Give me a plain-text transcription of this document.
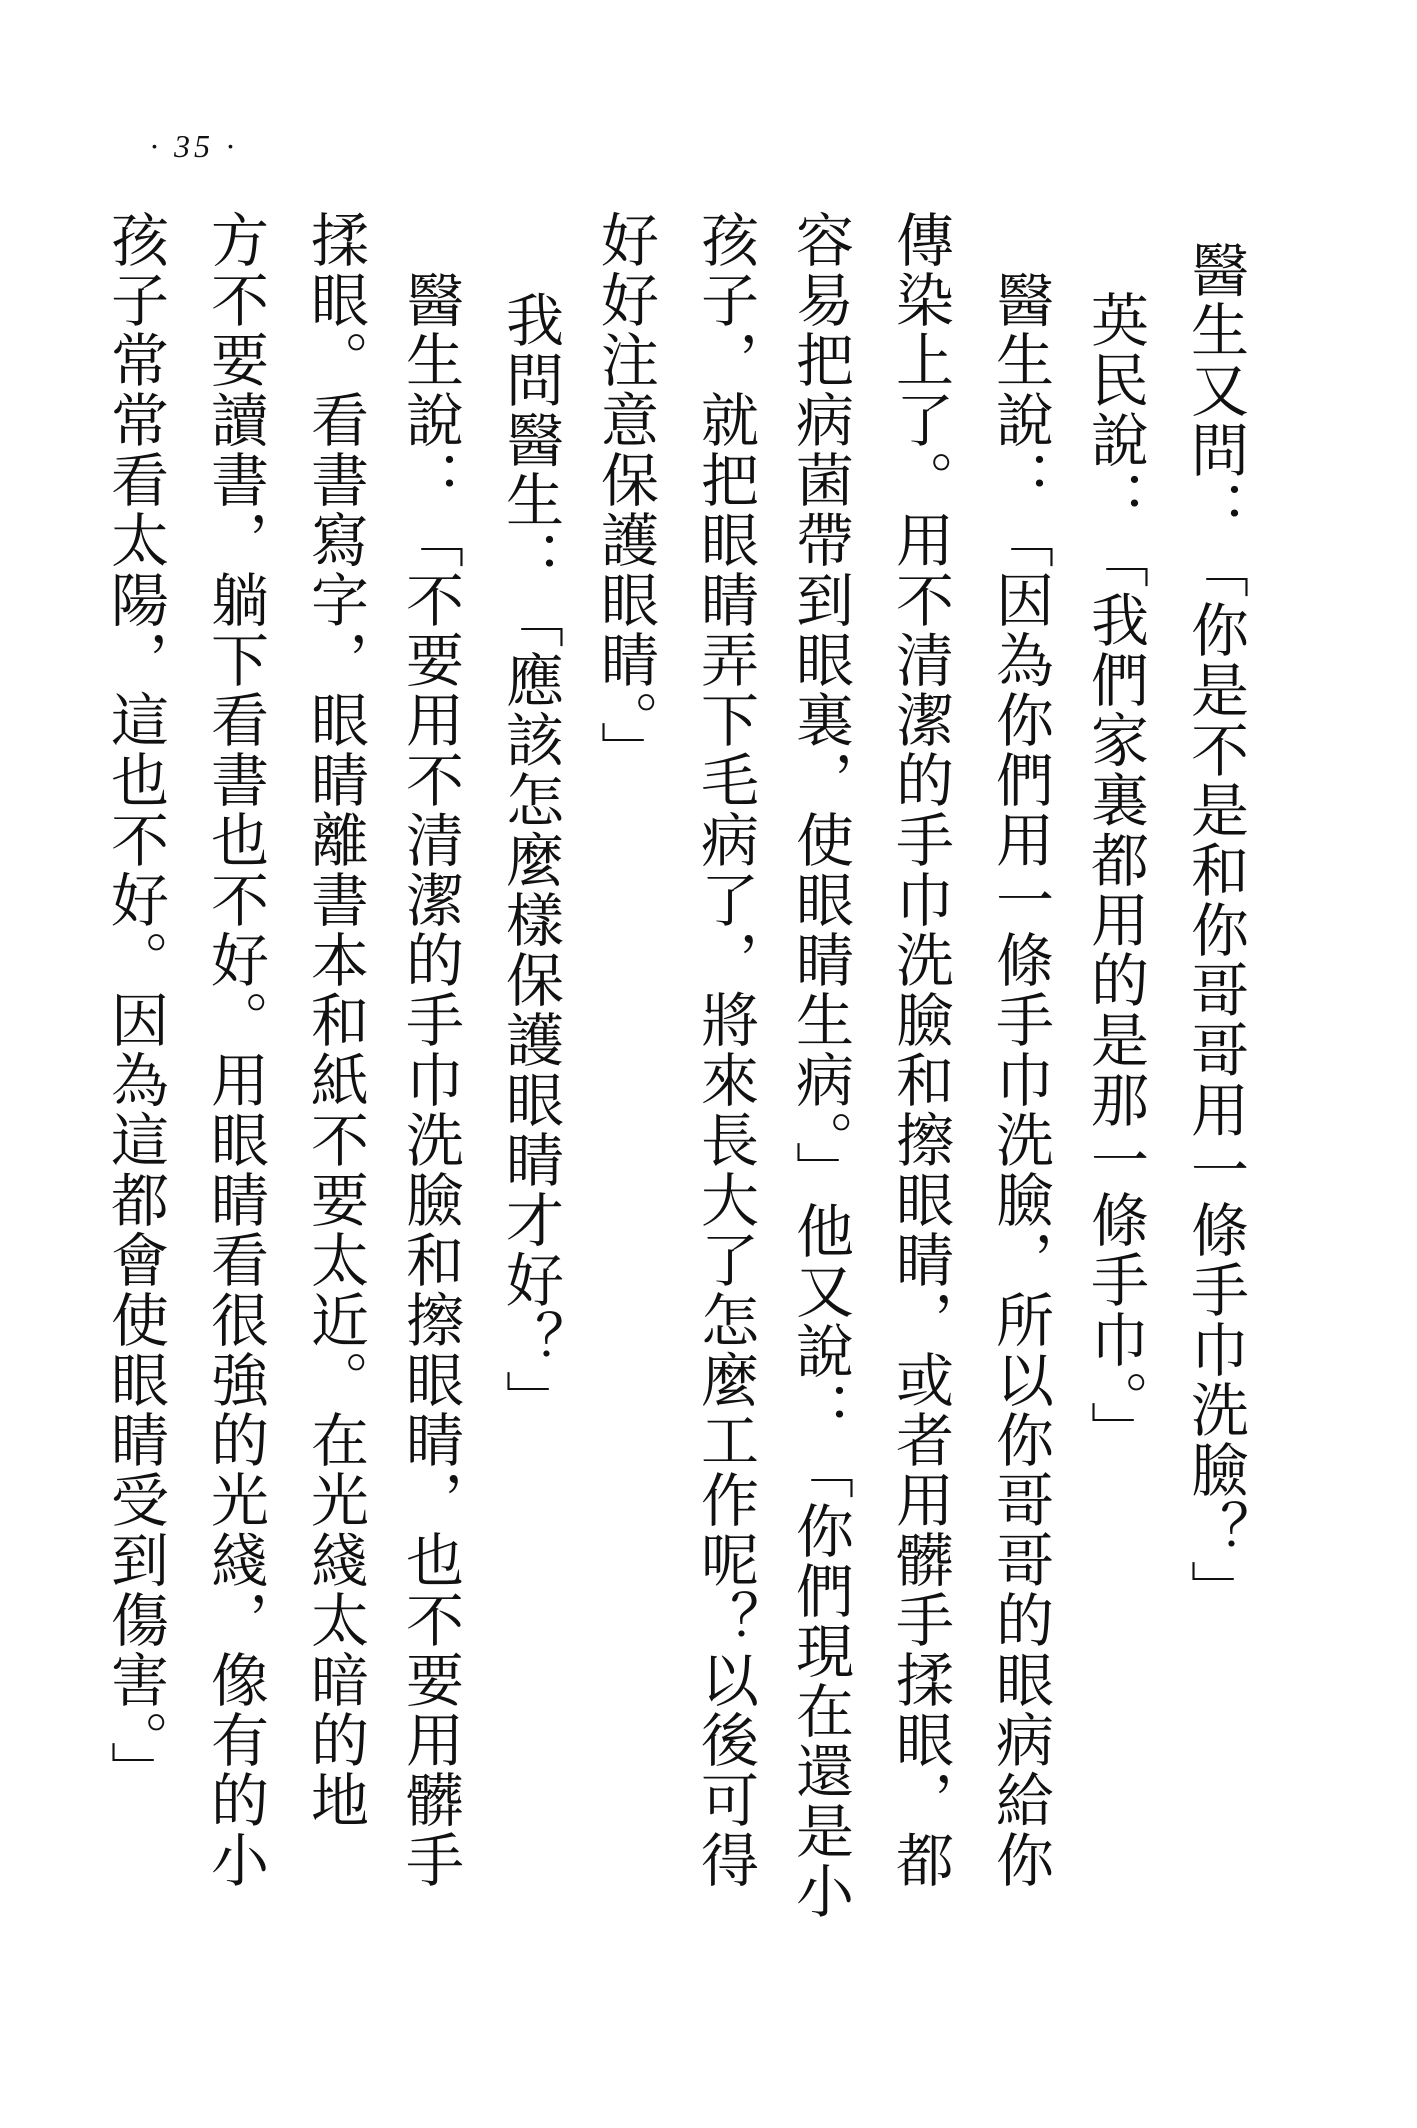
· 35 ·
醫生又問：「你是不是和你哥哥用一條手巾洗臉？」
英民說：「我們家裏都用的是那一條手巾。」
醫生說：「因為你們用一條手巾洗臉，所以你哥哥的眼病給你
傳染上了。用不清潔的手巾洗臉和擦眼睛，或者用髒手揉眼，都
容易把病菌帶到眼裏，使眼睛生病。」他又說：「你們現在還是小
孩子，就把眼睛弄下毛病了，將來長大了怎麼工作呢？以後可得
好好注意保護眼睛。」
我問醫生：「應該怎麼樣保護眼睛才好？」
醫生說：「不要用不清潔的手巾洗臉和擦眼睛，也不要用髒手
揉眼。看書寫字，眼睛離書本和紙不要太近。在光綫太暗的地
方不要讀書，躺下看書也不好。用眼睛看很強的光綫，像有的小
孩子常常看太陽，這也不好。因為這都會使眼睛受到傷害。」
